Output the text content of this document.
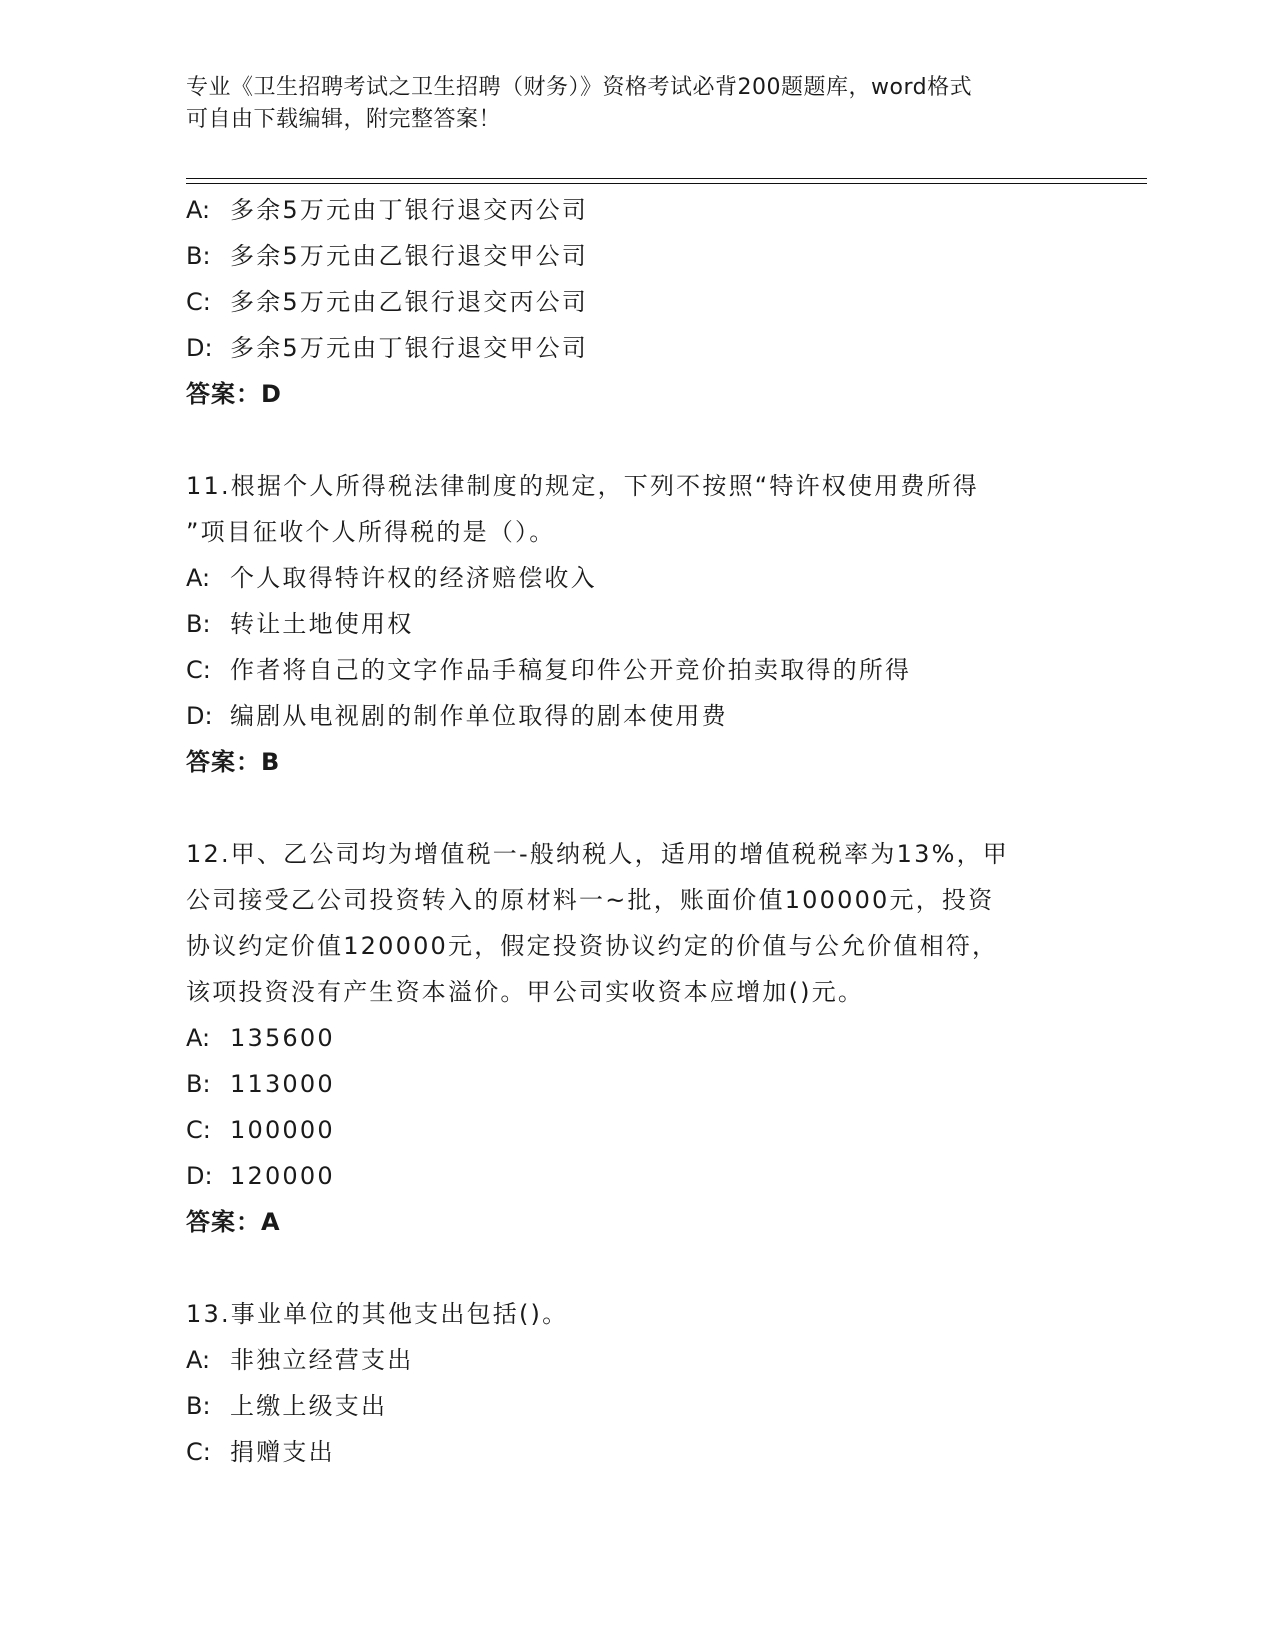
专业《卫生招聘考试之卫生招聘（财务）》资格考试必背200题题库，word格式
可自由下载编辑，附完整答案！
A: 多余5万元由丁银行退交丙公司
B: 多余5万元由乙银行退交甲公司
C: 多余5万元由乙银行退交丙公司
D: 多余5万元由丁银行退交甲公司
答案：D
11.根据个人所得税法律制度的规定，下列不按照“特许权使用费所得
”项目征收个人所得税的是（）。
A: 个人取得特许权的经济赔偿收入
B: 转让土地使用权
C: 作者将自己的文字作品手稿复印件公开竞价拍卖取得的所得
D: 编剧从电视剧的制作单位取得的剧本使用费
答案：B
12.甲、乙公司均为增值税一-般纳税人，适用的增值税税率为13%，甲
公司接受乙公司投资转入的原材料一~批，账面价值100000元，投资
协议约定价值120000元，假定投资协议约定的价值与公允价值相符，
该项投资没有产生资本溢价。甲公司实收资本应增加()元。
A: 135600
B: 113000
C: 100000
D: 120000
答案：A
13.事业单位的其他支出包括()。
A: 非独立经营支出
B: 上缴上级支出
C: 捐赠支出
